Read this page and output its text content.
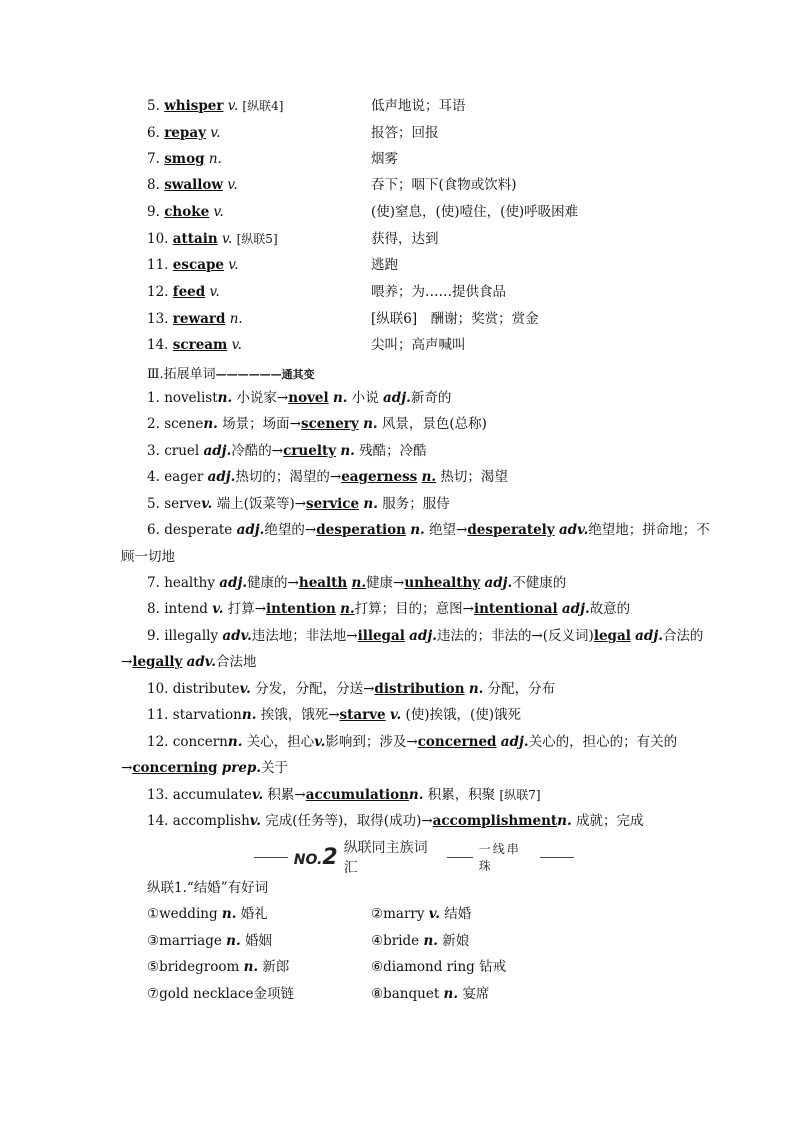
5. whisper v. [纵联4]	低声地说；耳语
6. repay v.	报答；回报
7. smog n.	烟雾
8. swallow v.	吞下；咽下(食物或饮料)
9. choke v.	(使)窒息，(使)噎住，(使)呼吸困难
10. attain v. [纵联5]	获得，达到
11. escape v.	逃跑
12. feed v.	喂养；为……提供食品
13. reward n.	[纵联6]　酬谢；奖赏；赏金
14. scream v.	尖叫；高声喊叫
Ⅲ.拓展单词——————通其变
1. novelistn. 小说家→novel n. 小说 adj.新奇的
2. scenen. 场景；场面→scenery n. 风景，景色(总称)
3. cruel adj.冷酷的→cruelty n. 残酷；冷酷
4. eager adj.热切的；渴望的→eagerness n. 热切；渴望
5. servev. 端上(饭菜等)→service n. 服务；服侍
6. desperate adj.绝望的→desperation n. 绝望→desperately adv.绝望地；拼命地；不
顾一切地
7. healthy adj.健康的→health n.健康→unhealthy adj.不健康的
8. intend v. 打算→intention n.打算；目的；意图→intentional adj.故意的
9. illegally adv.违法地；非法地→illegal adj.违法的；非法的→(反义词)legal adj.合法的
→legally adv.合法地
10. distributev. 分发，分配，分送→distribution n. 分配，分布
11. starvationn. 挨饿，饿死→starve v. (使)挨饿，(使)饿死
12. concernn. 关心，担心v.影响到；涉及→concerned adj.关心的，担心的；有关的
→concerning prep.关于
13. accumulatev. 积累→accumulationn. 积累，积聚 [纵联7]
14. accomplishv. 完成(任务等)，取得(成功)→accomplishmentn. 成就；完成
NO.2 纵联同主族词汇
一线串珠
纵联1.“结婚”有好词
①wedding n. 婚礼	②marry v. 结婚
③marriage n. 婚姻	④bride n. 新娘
⑤bridegroom n. 新郎	⑥diamond ring 钻戒
⑦gold necklace金项链	⑧banquet n. 宴席
